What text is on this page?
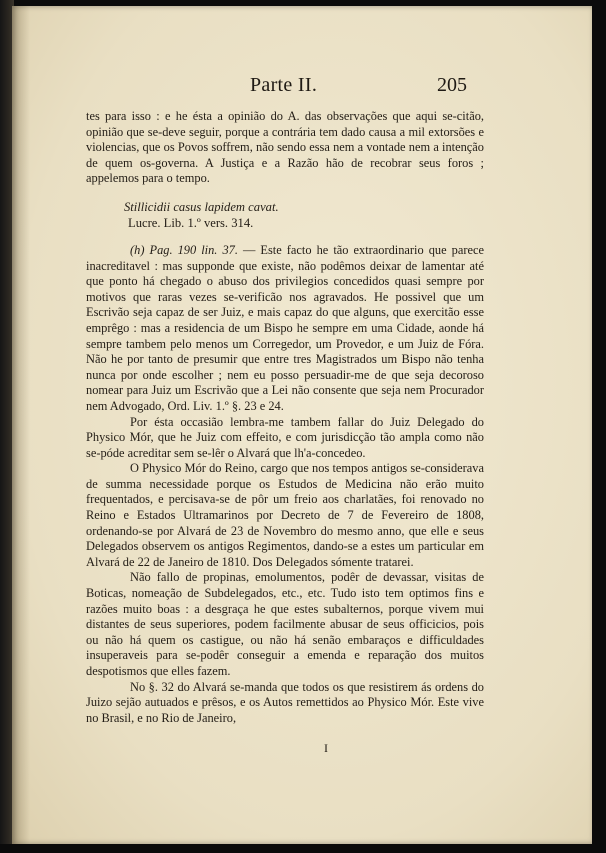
Parte II.	205

tes para isso : e he ésta a opinião do A. das observações que aqui se-citão, opinião que se-deve seguir, porque a contrária tem dado causa a mil extorsões e violencias, que os Povos soffrem, não sendo essa nem a vontade nem a intenção de quem os-governa. A Justiça e a Razão hão de recobrar seus foros ; appelemos para o tempo.

Stillicidii casus lapidem cavat.
Lucre. Lib. 1.º vers. 314.

(h) Pag. 190 lin. 37. — Este facto he tão extraordinario que parece inacreditavel : mas supponde que existe, não podêmos deixar de lamentar até que ponto há chegado o abuso dos privilegios concedidos quasi sempre por motivos que raras vezes se-verificão nos agravados. He possivel que um Escrivão seja capaz de ser Juiz, e mais capaz do que alguns, que exercitão esse emprêgo : mas a residencia de um Bispo he sempre em uma Cidade, aonde há sempre tambem pelo menos um Corregedor, um Provedor, e um Juiz de Fóra. Não he por tanto de presumir que entre tres Magistrados um Bispo não tenha nunca por onde escolher ; nem eu posso persuadir-me de que seja decoroso nomear para Juiz um Escrivão que a Lei não consente que seja nem Procurador nem Advogado, Ord. Liv. 1.º §. 23 e 24.

Por ésta occasião lembra-me tambem fallar do Juiz Delegado do Physico Mór, que he Juiz com effeito, e com jurisdicção tão ampla como não se-póde acreditar sem se-lêr o Alvará que lh'a-concedeo.

O Physico Mór do Reino, cargo que nos tempos antigos se-considerava de summa necessidade porque os Estudos de Medicina não erão muito frequentados, e percisava-se de pôr um freio aos charlatães, foi renovado no Reino e Estados Ultramarinos por Decreto de 7 de Fevereiro de 1808, ordenando-se por Alvará de 23 de Novembro do mesmo anno, que elle e seus Delegados observem os antigos Regimentos, dando-se a estes um particular em Alvará de 22 de Janeiro de 1810. Dos Delegados sómente tratarei.

Não fallo de propinas, emolumentos, podêr de devassar, visitas de Boticas, nomeação de Subdelegados, etc., etc. Tudo isto tem optimos fins e razões muito boas : a desgraça he que estes subalternos, porque vivem mui distantes de seus superiores, podem facilmente abusar de seus officicios, pois ou não há quem os castigue, ou não há senão embaraços e difficuldades insuperaveis para se-podêr conseguir a emenda e reparação dos muitos despotismos que elles fazem.

No §. 32 do Alvará se-manda que todos os que resistirem ás ordens do Juizo sejão autuados e prêsos, e os Autos remettidos ao Physico Mór. Este vive no Brasil, e no Rio de Janeiro,

I
